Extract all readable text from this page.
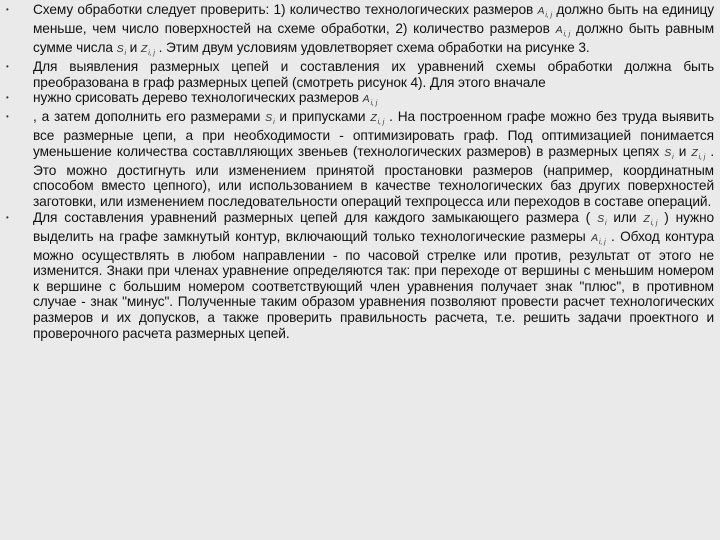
• Схему обработки следует проверить: 1) количество технологических размеров $A_{i, j}$ должно быть на единицу меньше, чем число поверхностей на схеме обработки, 2) количество размеров $A_{i, j}$ должно быть равным сумме числа $S_i$ и $Z_{i, j}$ . Этим двум условиям удовлетворяет схема обработки на рисунке 3.
• Для выявления размерных цепей и составления их уравнений схемы обработки должна быть преобразована в граф размерных цепей (смотреть рисунок 4). Для этого вначале
• нужно срисовать дерево технологических размеров $A_{i, j}$
• , а затем дополнить его размерами $S_i$ и припусками $Z_{i, j}$ . На построенном графе можно без труда выявить все размерные цепи, а при необходимости - оптимизировать граф. Под оптимизацией понимается уменьшение количества составлляющих звеньев (технологических размеров) в размерных цепях $S_i$ и $Z_{i, j}$ . Это можно достигнуть или изменением принятой простановки размеров (например, координатным способом вместо цепного), или использованием в качестве технологических баз других поверхностей заготовки, или изменением последовательности операций техпроцесса или переходов в составе операций.
• Для составления уравнений размерных цепей для каждого замыкающего размера ( $S_i$ или $Z_{i, j}$ ) нужно выделить на графе замкнутый контур, включающий только технологические размеры $A_{i, j}$ . Обход контура можно осуществлять в любом направлении - по часовой стрелке или против, результат от этого не изменится. Знаки при членах уравнение определяются так: при переходе от вершины с меньшим номером к вершине с большим номером соответствующий член уравнения получает знак "плюс", в противном случае - знак "минус". Полученные таким образом уравнения позволяют провести расчет технологических размеров и их допусков, а также проверить правильность расчета, т.е. решить задачи проектного и проверочного расчета размерных цепей.
